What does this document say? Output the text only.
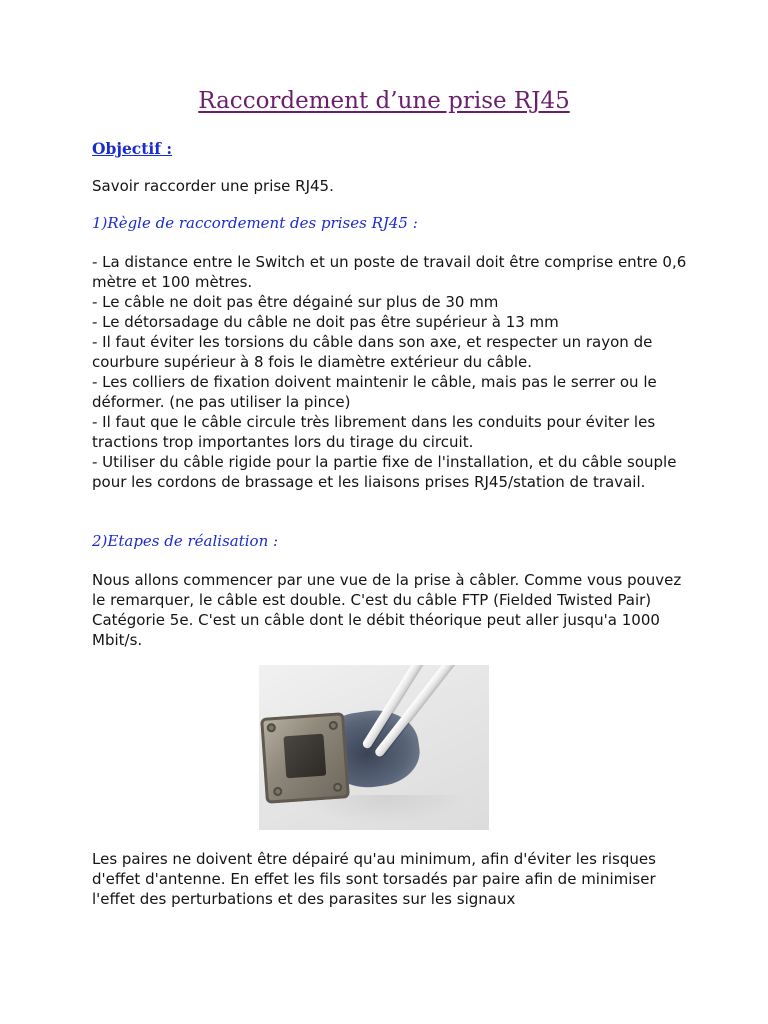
Raccordement d’une prise RJ45
Objectif :

Savoir raccorder une prise RJ45.

1)Règle de raccordement des prises RJ45 :
- La distance entre le Switch et un poste de travail doit être comprise entre 0,6 mètre et 100 mètres.
- Le câble ne doit pas être dégainé sur plus de 30 mm
- Le détorsadage du câble ne doit pas être supérieur à 13 mm
- Il faut éviter les torsions du câble dans son axe, et respecter un rayon de courbure supérieur à 8 fois le diamètre extérieur du câble.
- Les colliers de fixation doivent maintenir le câble, mais pas le serrer ou le déformer. (ne pas utiliser la pince)
- Il faut que le câble circule très librement dans les conduits pour éviter les tractions trop importantes lors du tirage du circuit.
- Utiliser du câble rigide pour la partie fixe de l'installation, et du câble souple pour les cordons de brassage et les liaisons prises RJ45/station de travail.
2)Etapes de réalisation :

Nous allons commencer par une vue de la prise à câbler. Comme vous pouvez le remarquer, le câble est double. C'est du câble FTP (Fielded Twisted Pair) Catégorie 5e. C'est un câble dont le débit théorique peut aller jusqu'a 1000 Mbit/s.

Les paires ne doivent être dépairé qu'au minimum, afin d'éviter les risques d'effet d'antenne. En effet les fils sont torsadés par paire afin de minimiser l'effet des perturbations et des parasites sur les signaux
